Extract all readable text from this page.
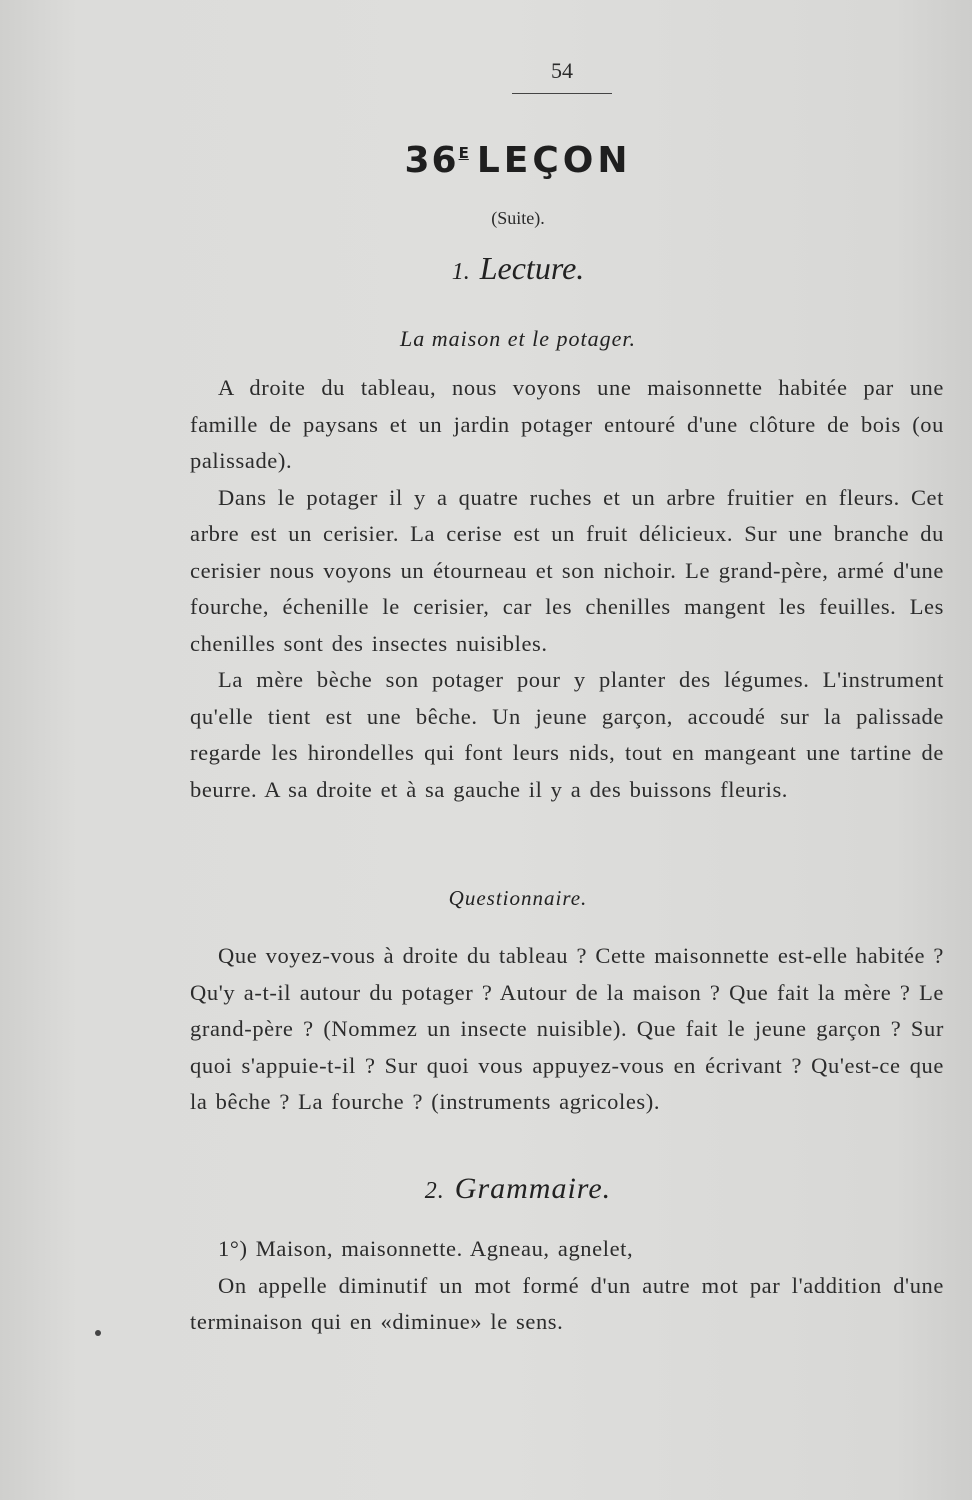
54
$36^E$ LEÇON
(Suite).
1. Lecture.
La maison et le potager.

A droite du tableau, nous voyons une maisonnette habitée par une famille de paysans et un jardin potager entouré d'une clôture de bois (ou palissade).

Dans le potager il y a quatre ruches et un arbre fruitier en fleurs. Cet arbre est un cerisier. La cerise est un fruit délicieux. Sur une branche du cerisier nous voyons un étourneau et son nichoir. Le grand-père, armé d'une fourche, échenille le cerisier, car les chenilles mangent les feuilles. Les chenilles sont des insectes nuisibles.

La mère bèche son potager pour y planter des légumes. L'instrument qu'elle tient est une bêche. Un jeune garçon, accoudé sur la palissade regarde les hirondelles qui font leurs nids, tout en mangeant une tartine de beurre. A sa droite et à sa gauche il y a des buissons fleuris.

Questionnaire.

Que voyez-vous à droite du tableau ? Cette maisonnette est-elle habitée ? Qu'y a-t-il autour du potager ? Autour de la maison ? Que fait la mère ? Le grand-père ? (Nommez un insecte nuisible). Que fait le jeune garçon ? Sur quoi s'appuie-t-il ? Sur quoi vous appuyez-vous en écrivant ? Qu'est-ce que la bêche ? La fourche ? (instruments agricoles).

2. Grammaire.

1°) Maison, maisonnette. Agneau, agnelet,

On appelle diminutif un mot formé d'un autre mot par l'addition d'une terminaison qui en «diminue» le sens.
